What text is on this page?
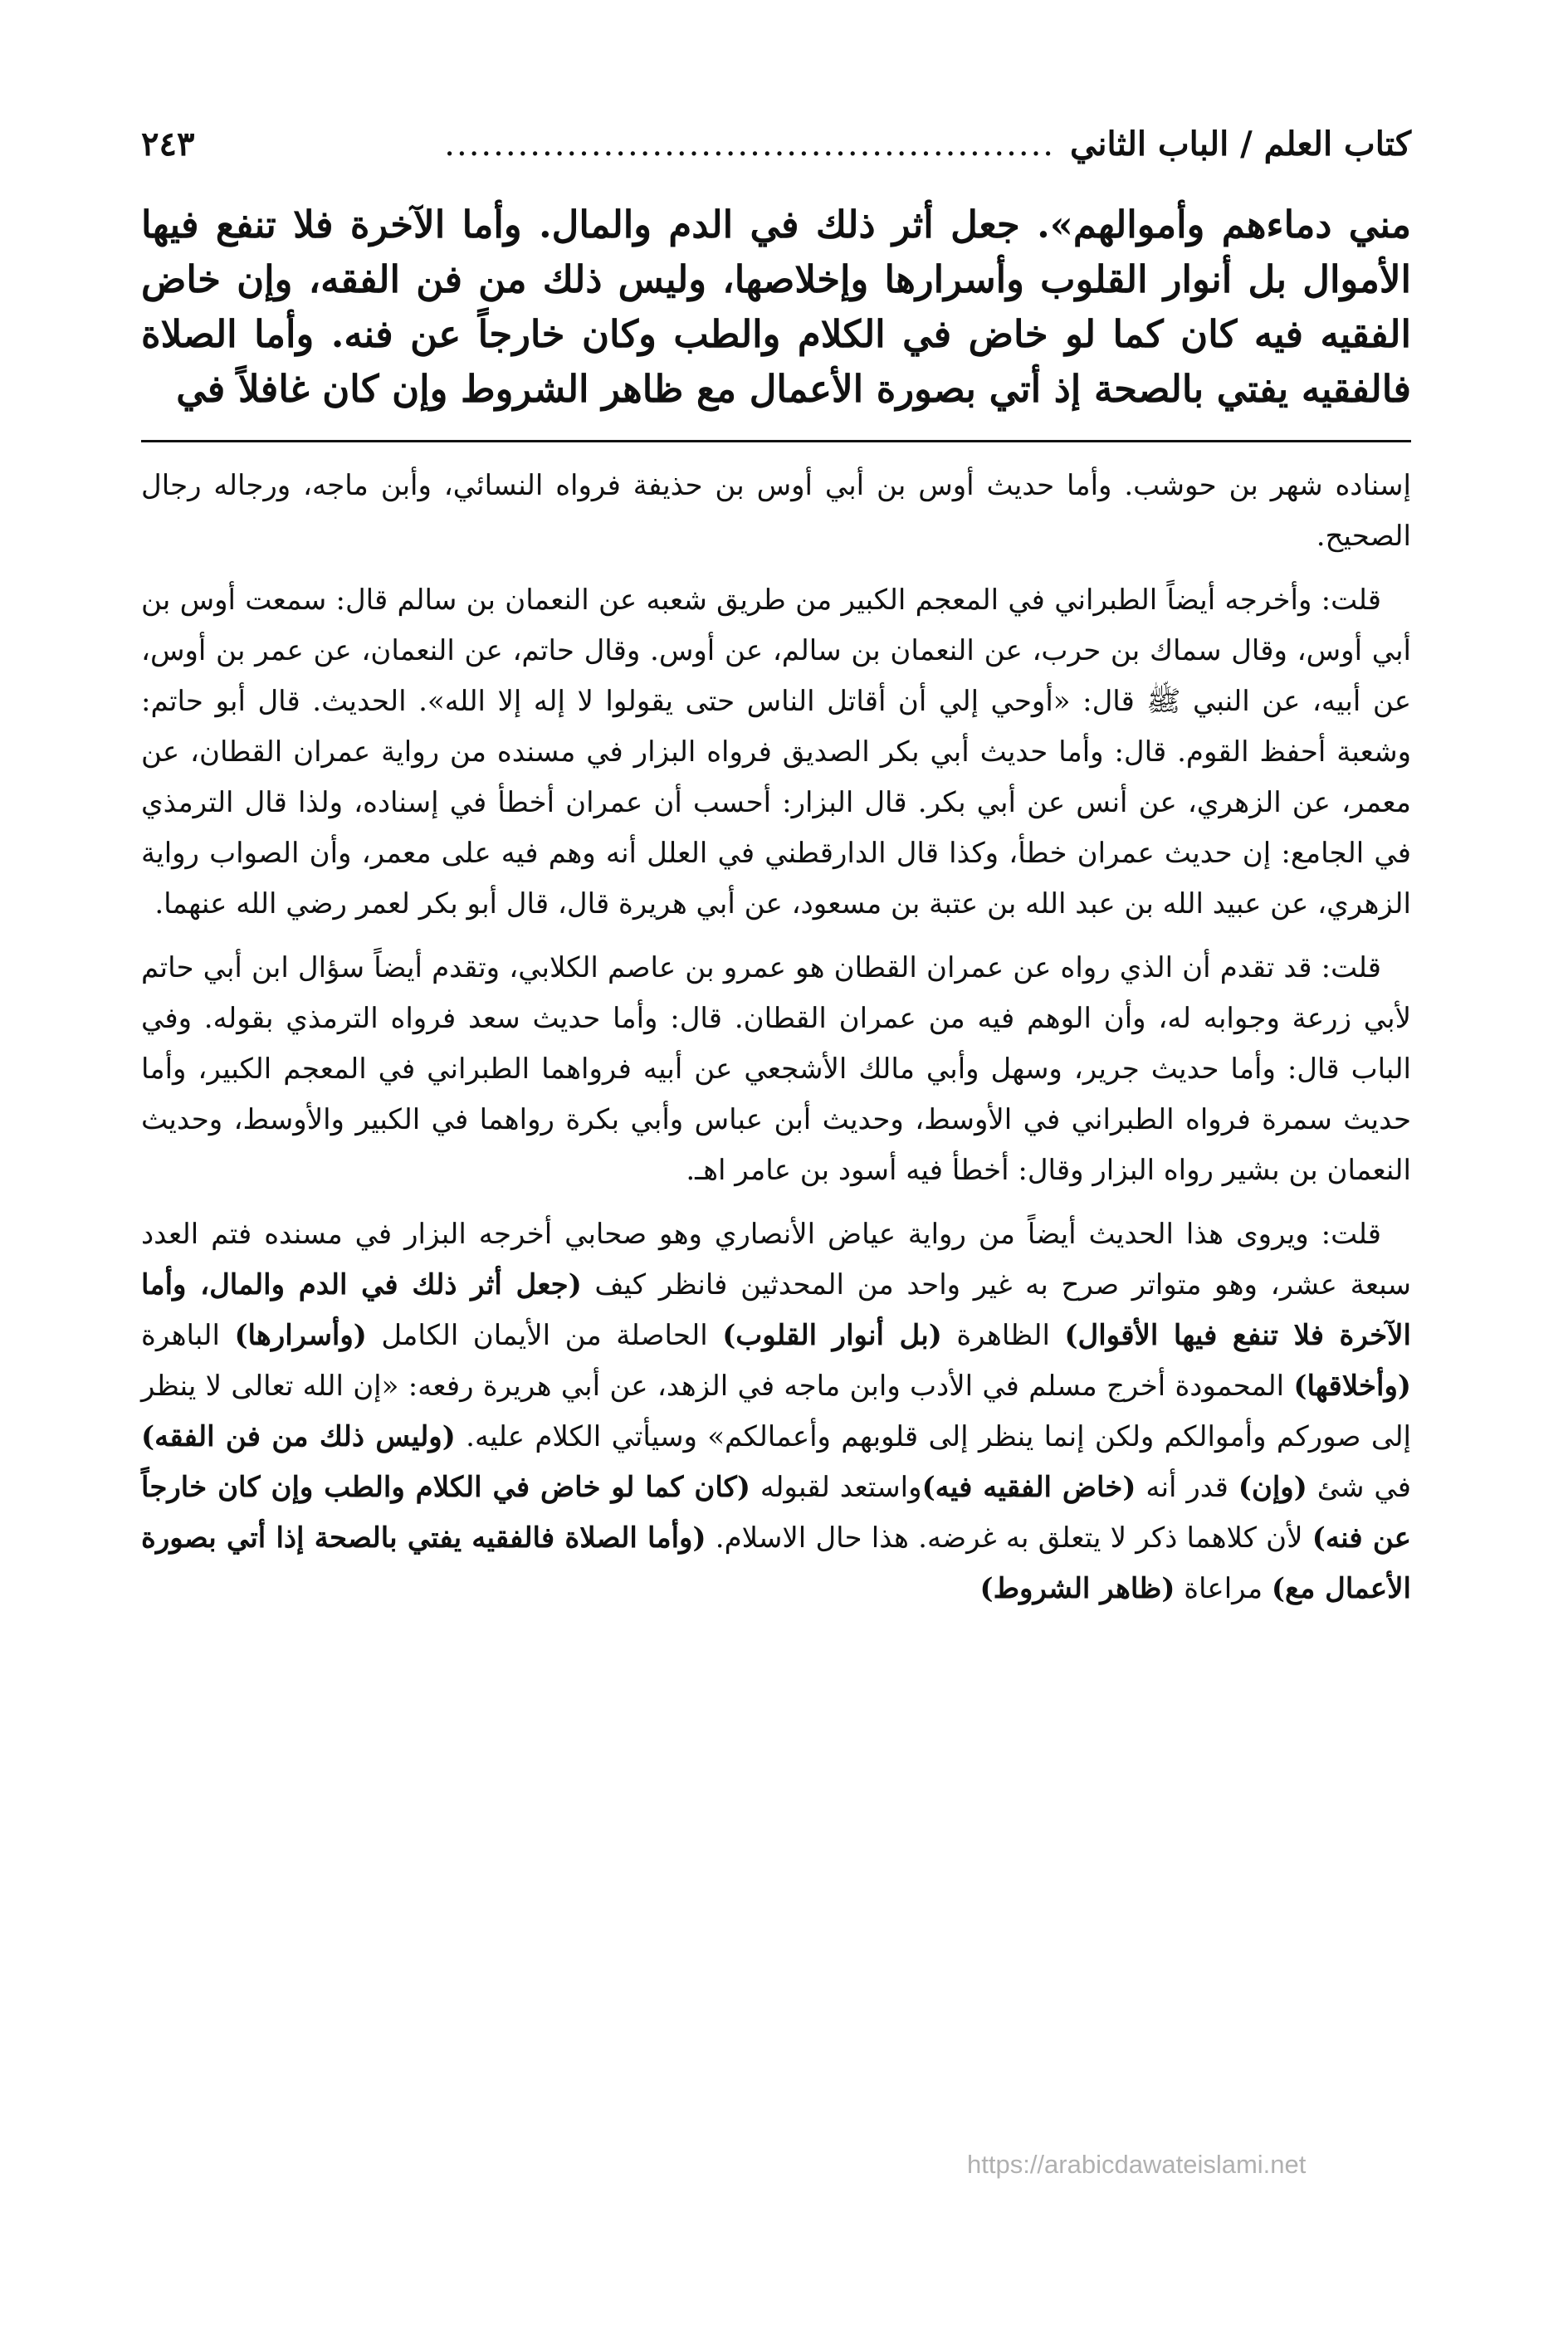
كتاب العلم / الباب الثاني
..................................................
٢٤٣

مني دماءهم وأموالهم». جعل أثر ذلك في الدم والمال. وأما الآخرة فلا تنفع فيها الأموال بل أنوار القلوب وأسرارها وإخلاصها، وليس ذلك من فن الفقه، وإن خاض الفقيه فيه كان كما لو خاض في الكلام والطب وكان خارجاً عن فنه. وأما الصلاة فالفقيه يفتي بالصحة إذ أتي بصورة الأعمال مع ظاهر الشروط وإن كان غافلاً في

إسناده شهر بن حوشب. وأما حديث أوس بن أبي أوس بن حذيفة فرواه النسائي، وأبن ماجه، ورجاله رجال الصحيح.

قلت: وأخرجه أيضاً الطبراني في المعجم الكبير من طريق شعبه عن النعمان بن سالم قال: سمعت أوس بن أبي أوس، وقال سماك بن حرب، عن النعمان بن سالم، عن أوس. وقال حاتم، عن النعمان، عن عمر بن أوس، عن أبيه، عن النبي ﷺ قال: «أوحي إلي أن أقاتل الناس حتى يقولوا لا إله إلا الله». الحديث. قال أبو حاتم: وشعبة أحفظ القوم. قال: وأما حديث أبي بكر الصديق فرواه البزار في مسنده من رواية عمران القطان، عن معمر، عن الزهري، عن أنس عن أبي بكر. قال البزار: أحسب أن عمران أخطأ في إسناده، ولذا قال الترمذي في الجامع: إن حديث عمران خطأ، وكذا قال الدارقطني في العلل أنه وهم فيه على معمر، وأن الصواب رواية الزهري، عن عبيد الله بن عبد الله بن عتبة بن مسعود، عن أبي هريرة قال، قال أبو بكر لعمر رضي الله عنهما.

قلت: قد تقدم أن الذي رواه عن عمران القطان هو عمرو بن عاصم الكلابي، وتقدم أيضاً سؤال ابن أبي حاتم لأبي زرعة وجوابه له، وأن الوهم فيه من عمران القطان. قال: وأما حديث سعد فرواه الترمذي بقوله. وفي الباب قال: وأما حديث جرير، وسهل وأبي مالك الأشجعي عن أبيه فرواهما الطبراني في المعجم الكبير، وأما حديث سمرة فرواه الطبراني في الأوسط، وحديث أبن عباس وأبي بكرة رواهما في الكبير والأوسط، وحديث النعمان بن بشير رواه البزار وقال: أخطأ فيه أسود بن عامر اهـ.

قلت: ويروى هذا الحديث أيضاً من رواية عياض الأنصاري وهو صحابي أخرجه البزار في مسنده فتم العدد سبعة عشر، وهو متواتر صرح به غير واحد من المحدثين فانظر كيف (جعل أثر ذلك في الدم والمال، وأما الآخرة فلا تنفع فيها الأقوال) الظاهرة (بل أنوار القلوب) الحاصلة من الأيمان الكامل (وأسرارها) الباهرة (وأخلاقها) المحمودة أخرج مسلم في الأدب وابن ماجه في الزهد، عن أبي هريرة رفعه: «إن الله تعالى لا ينظر إلى صوركم وأموالكم ولكن إنما ينظر إلى قلوبهم وأعمالكم» وسيأتي الكلام عليه. (وليس ذلك من فن الفقه) في شئ (وإن) قدر أنه (خاض الفقيه فيه)واستعد لقبوله (كان كما لو خاض في الكلام والطب وإن كان خارجاً عن فنه) لأن كلاهما ذكر لا يتعلق به غرضه. هذا حال الاسلام. (وأما الصلاة فالفقيه يفتي بالصحة إذا أتي بصورة الأعمال مع) مراعاة (ظاهر الشروط)

https://arabicdawateislami.net
